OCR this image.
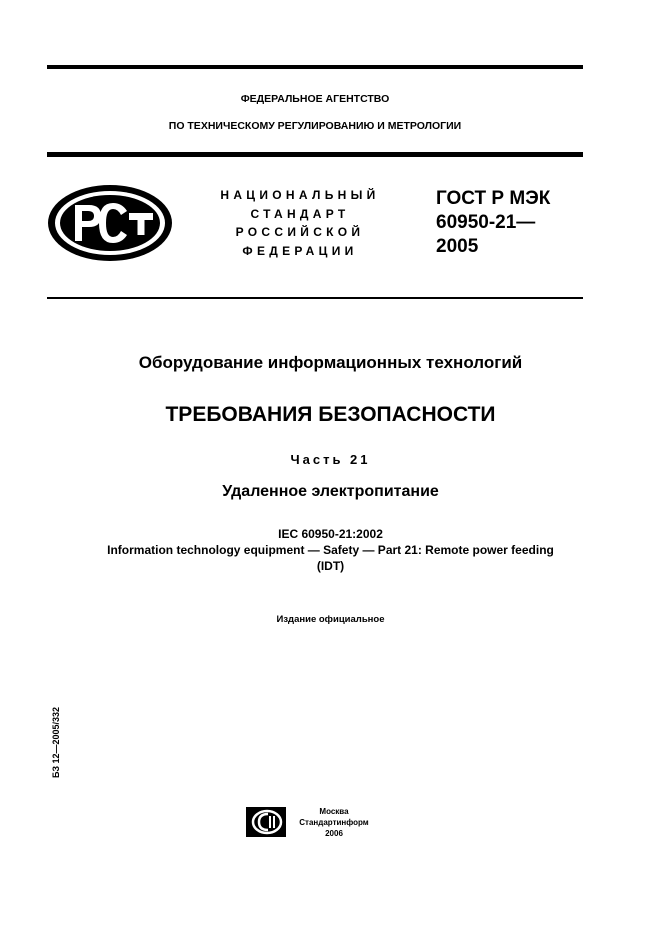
ФЕДЕРАЛЬНОЕ АГЕНТСТВО
ПО ТЕХНИЧЕСКОМУ РЕГУЛИРОВАНИЮ И МЕТРОЛОГИИ
НАЦИОНАЛЬНЫЙ
СТАНДАРТ
РОССИЙСКОЙ
ФЕДЕРАЦИИ
ГОСТ Р МЭК
60950-21—
2005
Оборудование информационных технологий
ТРЕБОВАНИЯ БЕЗОПАСНОСТИ
Часть 21
Удаленное электропитание
IEC 60950-21:2002
Information technology equipment — Safety — Part 21: Remote power feeding
(IDT)
Издание официальное
БЗ 12—2005/332
Москва
Стандартинформ
2006
